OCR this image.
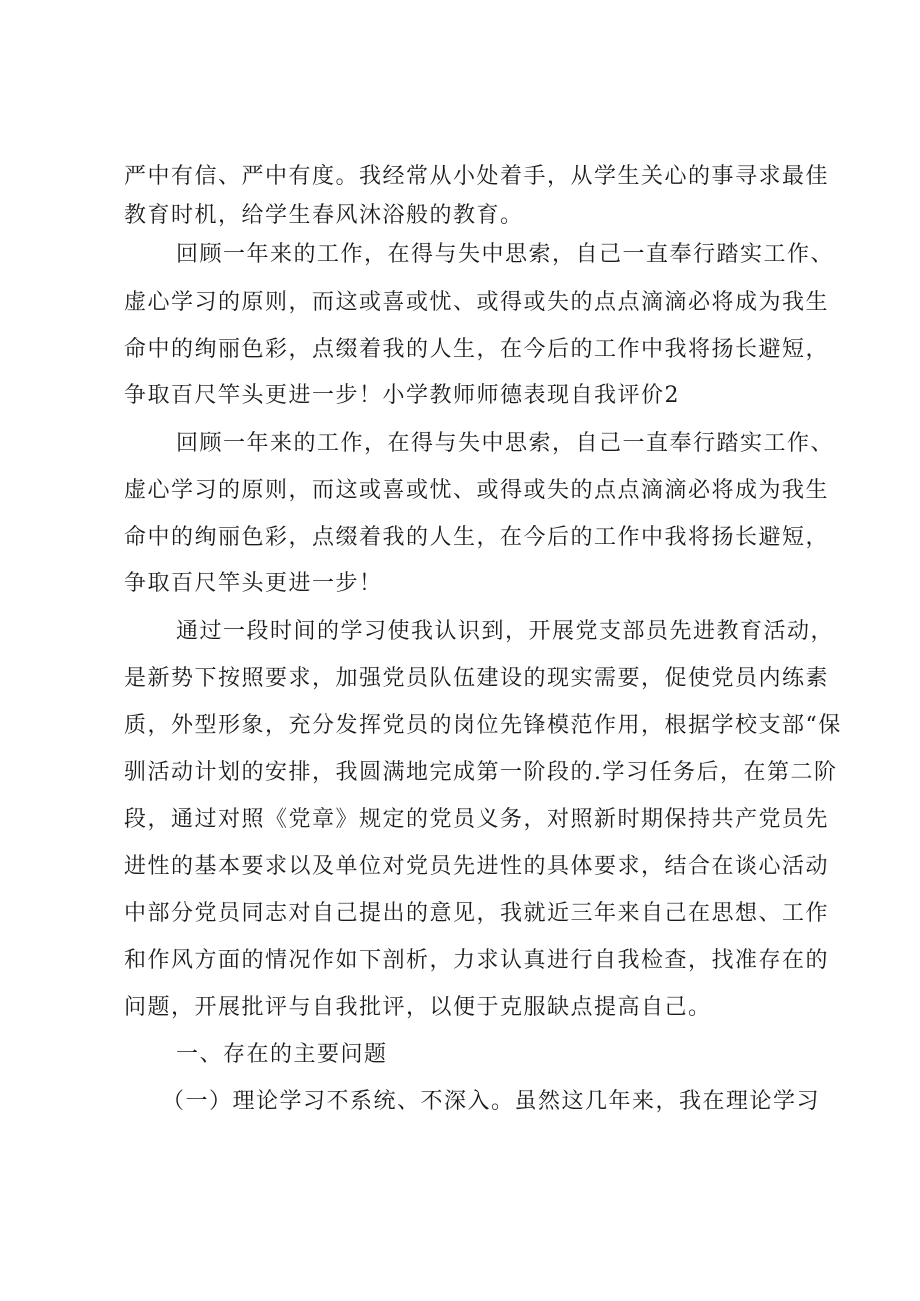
严中有信、严中有度。我经常从小处着手，从学生关心的事寻求最佳
教育时机，给学生春风沐浴般的教育。
回顾一年来的工作，在得与失中思索，自己一直奉行踏实工作、
虚心学习的原则，而这或喜或忧、或得或失的点点滴滴必将成为我生
命中的绚丽色彩，点缀着我的人生，在今后的工作中我将扬长避短，
争取百尺竿头更进一步！小学教师师德表现自我评价2
回顾一年来的工作，在得与失中思索，自己一直奉行踏实工作、
虚心学习的原则，而这或喜或忧、或得或失的点点滴滴必将成为我生
命中的绚丽色彩，点缀着我的人生，在今后的工作中我将扬长避短，
争取百尺竿头更进一步！
通过一段时间的学习使我认识到，开展党支部员先进教育活动，
是新势下按照要求，加强党员队伍建设的现实需要，促使党员内练素
质，外型形象，充分发挥党员的岗位先锋模范作用，根据学校支部“保
驯活动计划的安排，我圆满地完成第一阶段的.学习任务后，在第二阶
段，通过对照《党章》规定的党员义务，对照新时期保持共产党员先
进性的基本要求以及单位对党员先进性的具体要求，结合在谈心活动
中部分党员同志对自己提出的意见，我就近三年来自己在思想、工作
和作风方面的情况作如下剖析，力求认真进行自我检查，找准存在的
问题，开展批评与自我批评，以便于克服缺点提高自己。
一、存在的主要问题
（一）理论学习不系统、不深入。虽然这几年来，我在理论学习
